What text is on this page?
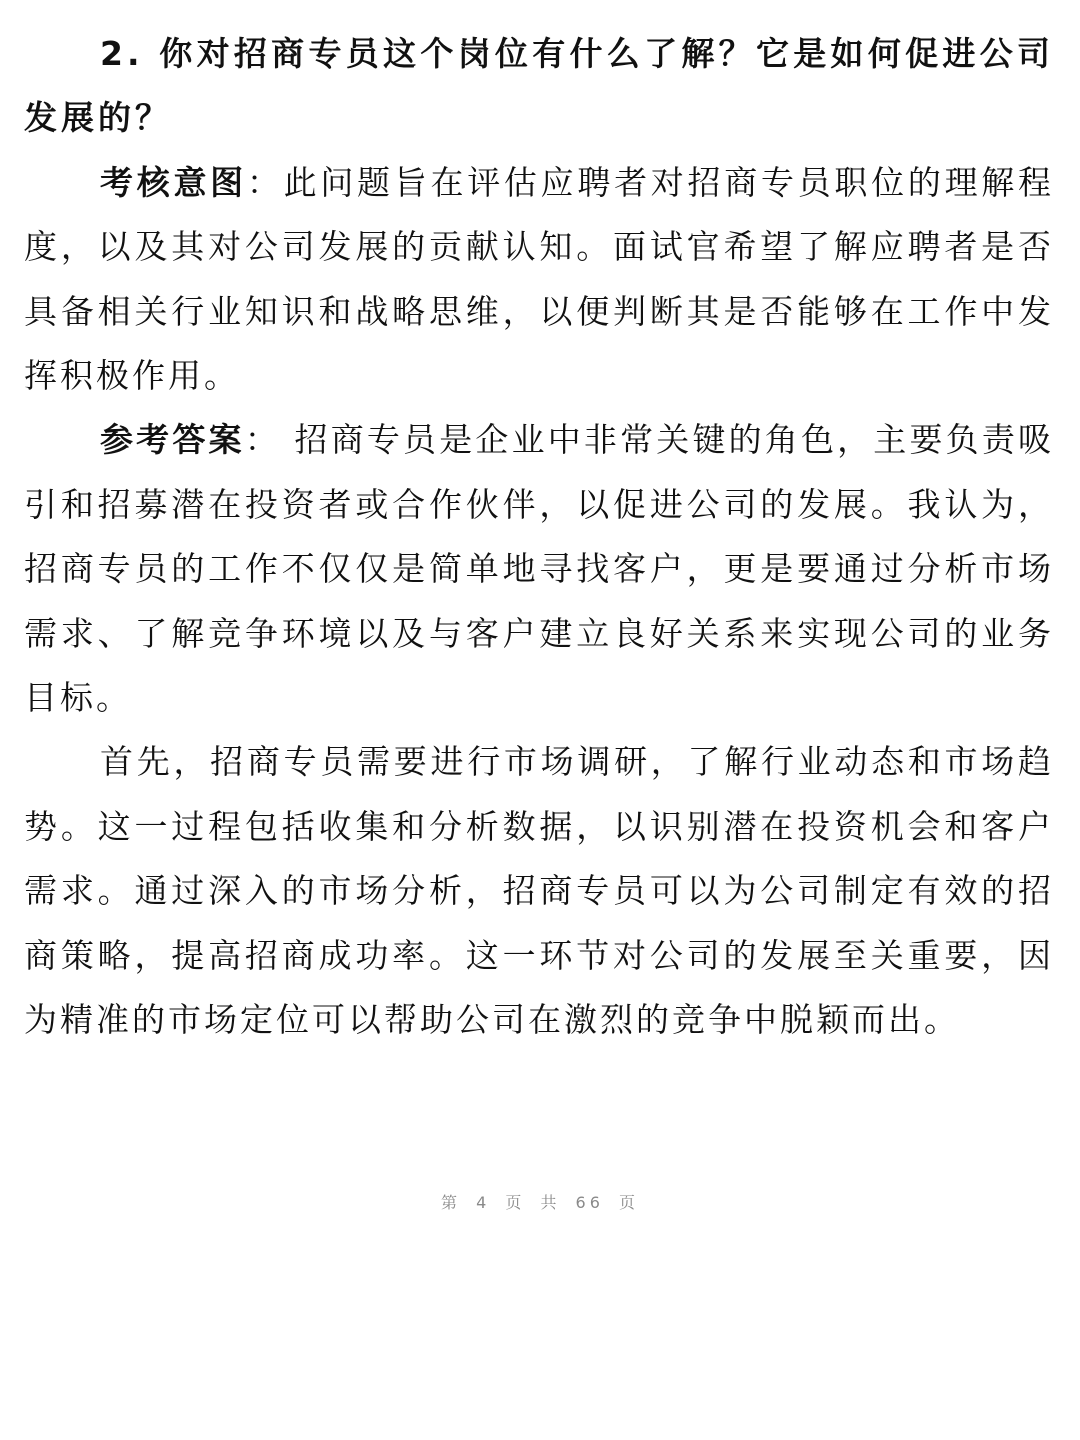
2. 你对招商专员这个岗位有什么了解？它是如何促进公司发展的？

考核意图：此问题旨在评估应聘者对招商专员职位的理解程度，以及其对公司发展的贡献认知。面试官希望了解应聘者是否具备相关行业知识和战略思维，以便判断其是否能够在工作中发挥积极作用。

参考答案： 招商专员是企业中非常关键的角色，主要负责吸引和招募潜在投资者或合作伙伴，以促进公司的发展。我认为，招商专员的工作不仅仅是简单地寻找客户，更是要通过分析市场需求、了解竞争环境以及与客户建立良好关系来实现公司的业务目标。

首先，招商专员需要进行市场调研，了解行业动态和市场趋势。这一过程包括收集和分析数据，以识别潜在投资机会和客户需求。通过深入的市场分析，招商专员可以为公司制定有效的招商策略，提高招商成功率。这一环节对公司的发展至关重要，因为精准的市场定位可以帮助公司在激烈的竞争中脱颖而出。

第 4 页 共 66 页
